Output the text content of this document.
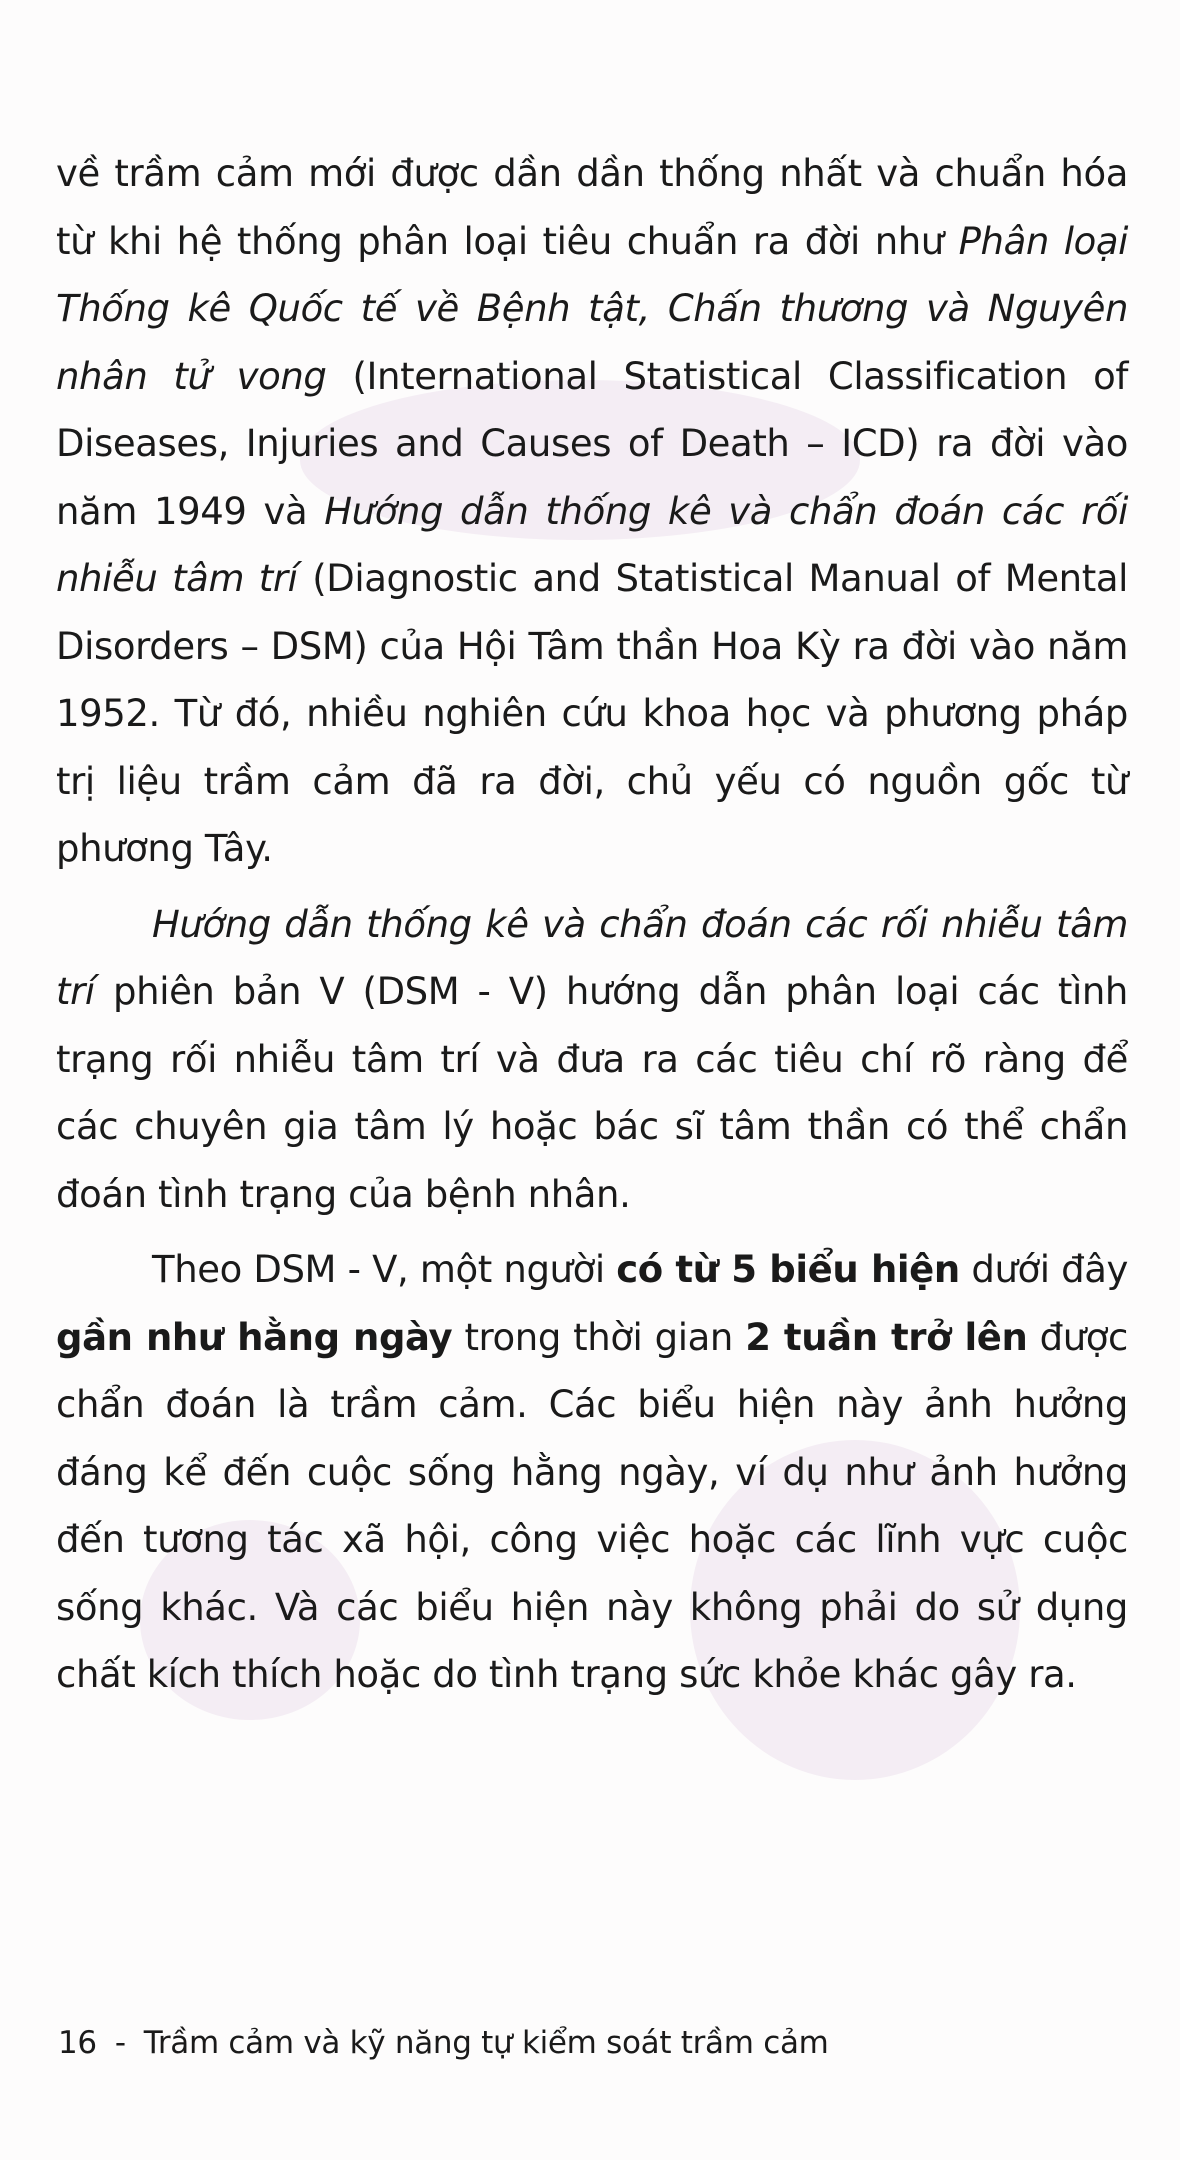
về trầm cảm mới được dần dần thống nhất và chuẩn hóa từ khi hệ thống phân loại tiêu chuẩn ra đời như Phân loại Thống kê Quốc tế về Bệnh tật, Chấn thương và Nguyên nhân tử vong (International Statistical Classification of Diseases, Injuries and Causes of Death – ICD) ra đời vào năm 1949 và Hướng dẫn thống kê và chẩn đoán các rối nhiễu tâm trí (Diagnostic and Statistical Manual of Mental Disorders – DSM) của Hội Tâm thần Hoa Kỳ ra đời vào năm 1952. Từ đó, nhiều nghiên cứu khoa học và phương pháp trị liệu trầm cảm đã ra đời, chủ yếu có nguồn gốc từ phương Tây.

Hướng dẫn thống kê và chẩn đoán các rối nhiễu tâm trí phiên bản V (DSM - V) hướng dẫn phân loại các tình trạng rối nhiễu tâm trí và đưa ra các tiêu chí rõ ràng để các chuyên gia tâm lý hoặc bác sĩ tâm thần có thể chẩn đoán tình trạng của bệnh nhân.

Theo DSM - V, một người có từ 5 biểu hiện dưới đây gần như hằng ngày trong thời gian 2 tuần trở lên được chẩn đoán là trầm cảm. Các biểu hiện này ảnh hưởng đáng kể đến cuộc sống hằng ngày, ví dụ như ảnh hưởng đến tương tác xã hội, công việc hoặc các lĩnh vực cuộc sống khác. Và các biểu hiện này không phải do sử dụng chất kích thích hoặc do tình trạng sức khỏe khác gây ra.

16 - Trầm cảm và kỹ năng tự kiểm soát trầm cảm
